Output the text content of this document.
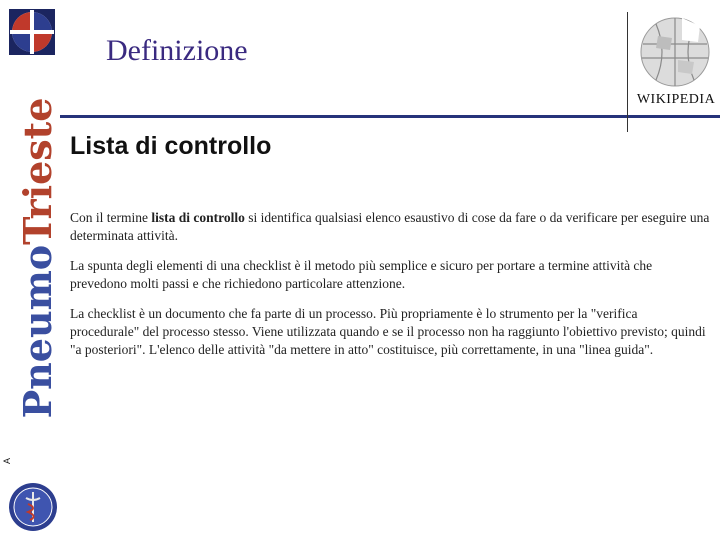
PneumoTrieste
A
Definizione
WIKIPEDIA
Lista di controllo

Con il termine lista di controllo si identifica qualsiasi elenco esaustivo di cose da fare o da verificare per eseguire una determinata attività.

La spunta degli elementi di una checklist è il metodo più semplice e sicuro per portare a termine attività che prevedono molti passi e che richiedono particolare attenzione.

La checklist è un documento che fa parte di un processo. Più propriamente è lo strumento per la "verifica procedurale" del processo stesso. Viene utilizzata quando e se il processo non ha raggiunto l'obiettivo previsto; quindi "a posteriori". L'elenco delle attività "da mettere in atto" costituisce, più correttamente, in una "linea guida".
